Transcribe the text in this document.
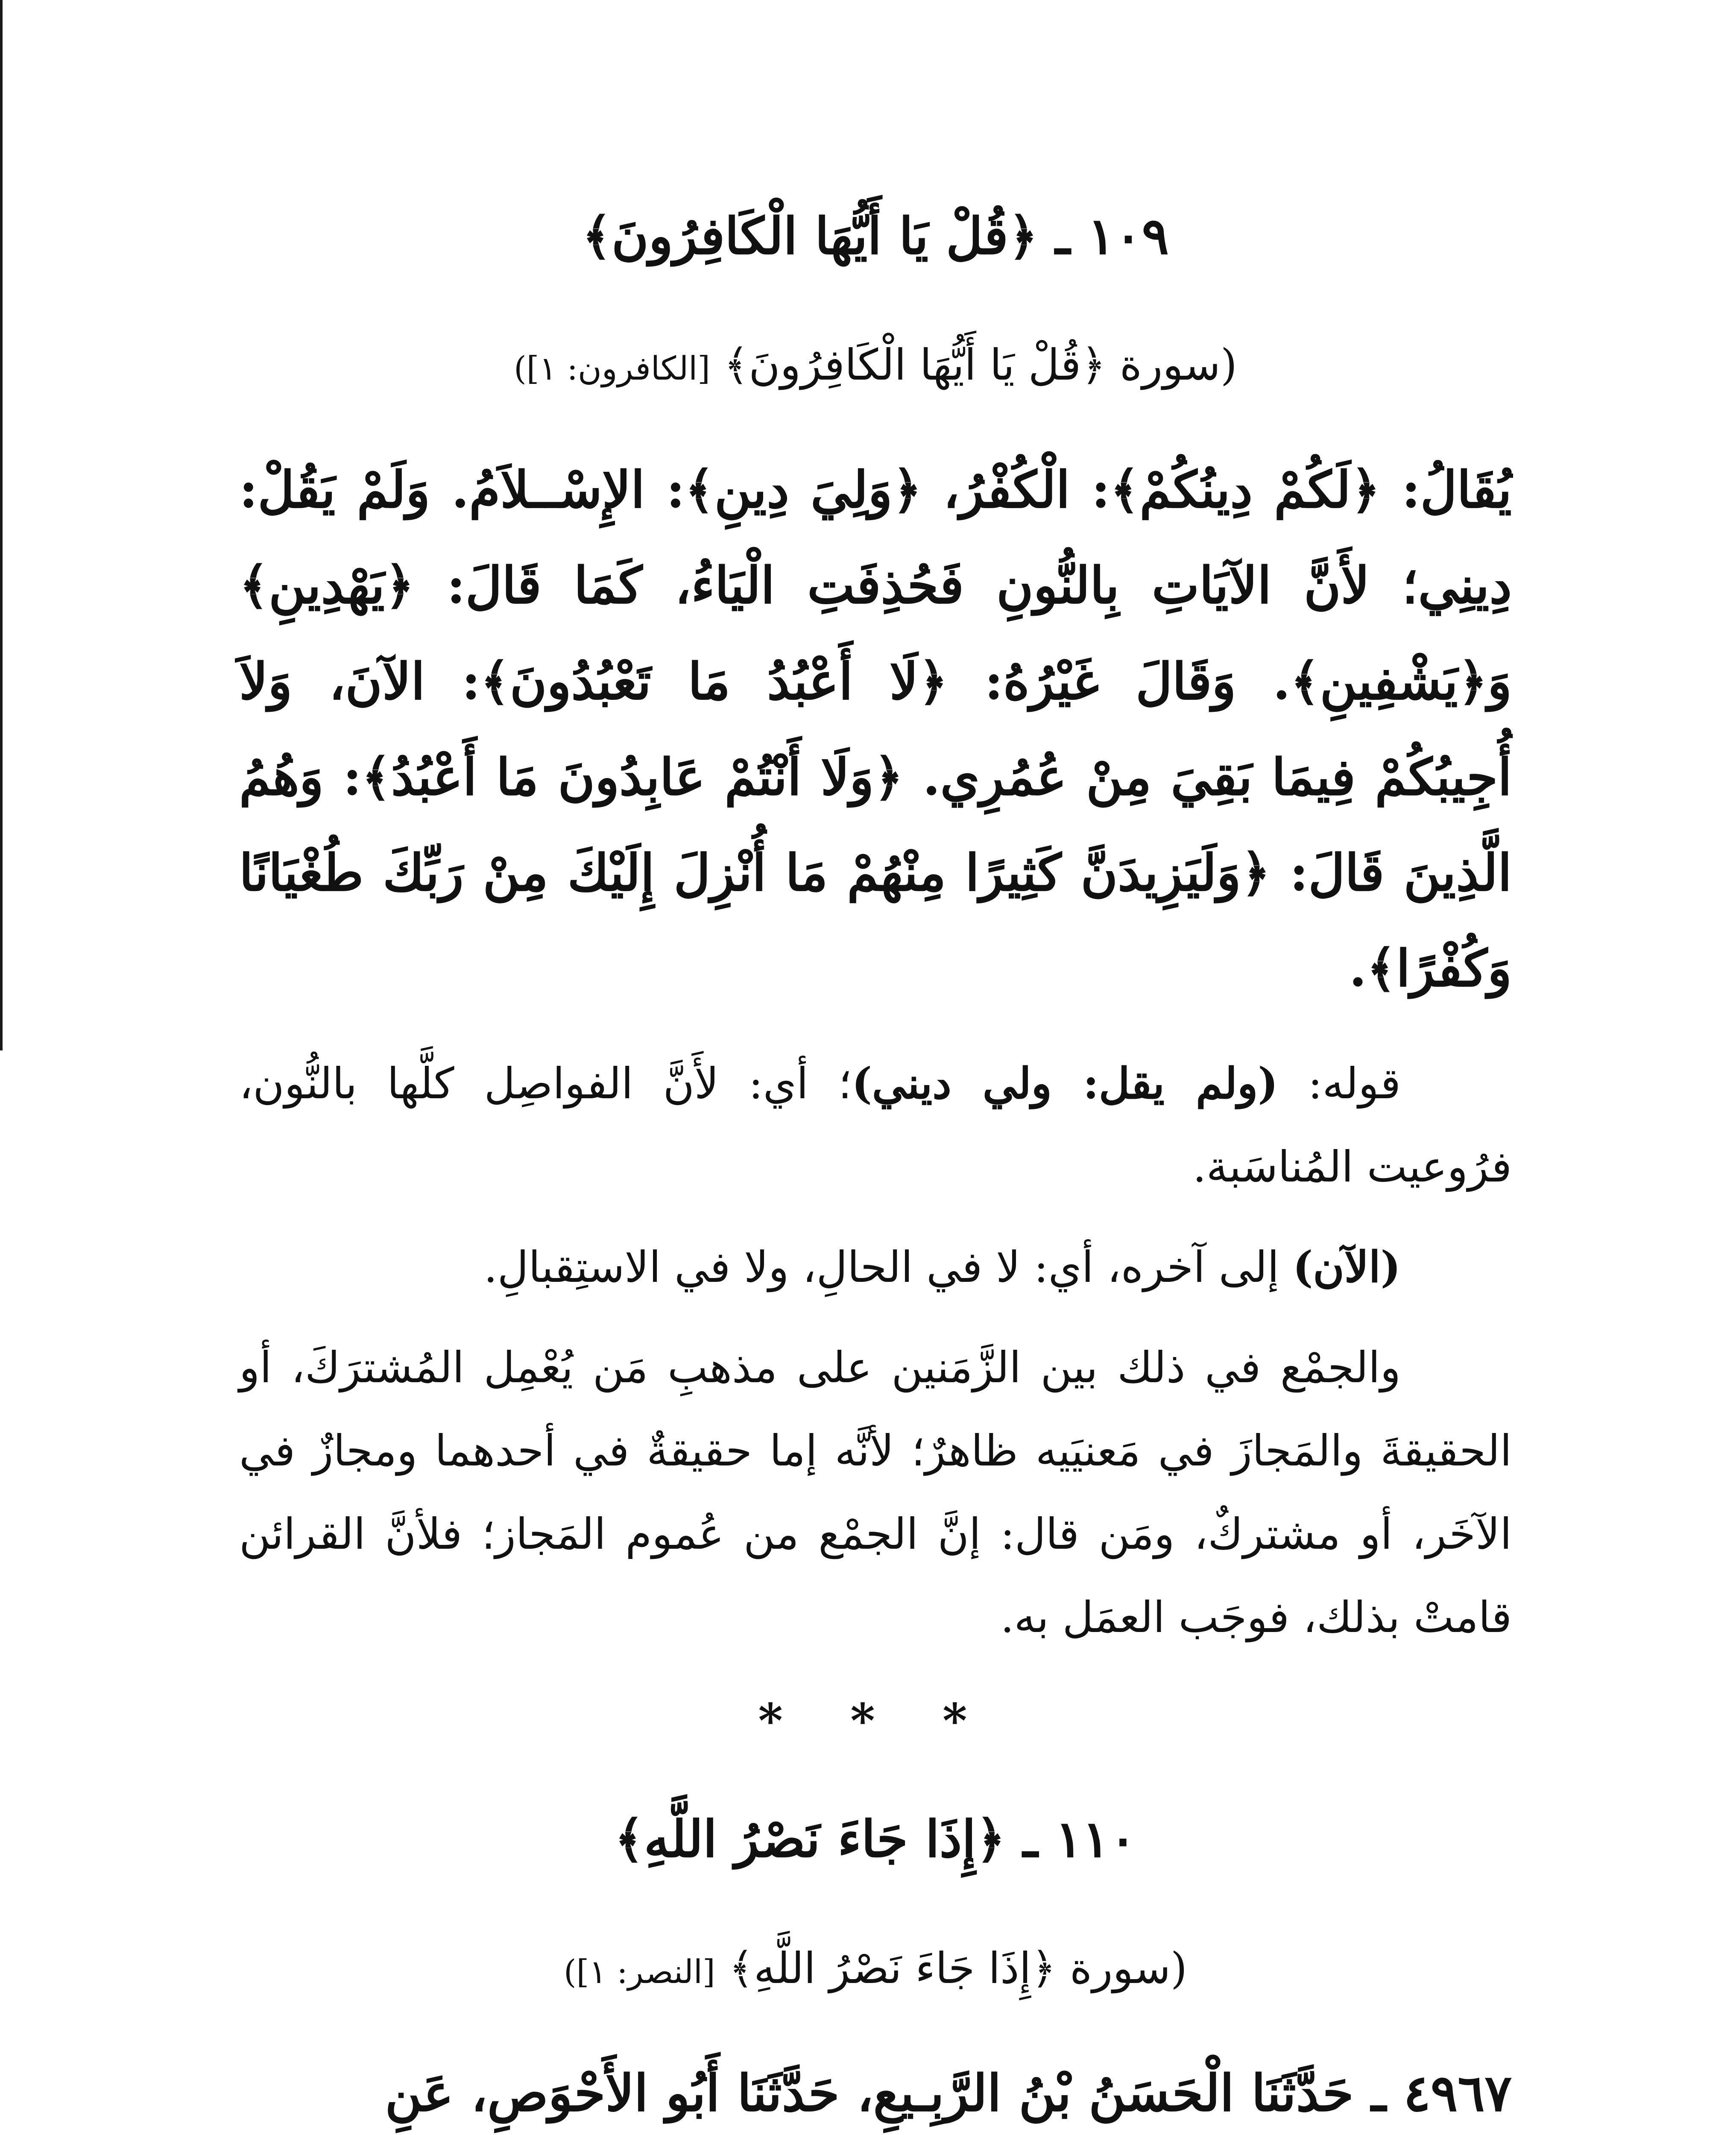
١٠٩ ـ ﴿قُلْ يَا أَيُّهَا الْكَافِرُونَ﴾
(سورة ﴿قُلْ يَا أَيُّهَا الْكَافِرُونَ﴾ [الكافرون: ١])

يُقَالُ: ﴿لَكُمْ دِينُكُمْ﴾: الْكُفْرُ، ﴿وَلِيَ دِينِ﴾: الإِسْــلاَمُ. وَلَمْ يَقُلْ: دِينِي؛ لأَنَّ الآيَاتِ بِالنُّونِ فَحُذِفَتِ الْيَاءُ، كَمَا قَالَ: ﴿يَهْدِينِ﴾ وَ﴿يَشْفِينِ﴾. وَقَالَ غَيْرُهُ: ﴿لَا أَعْبُدُ مَا تَعْبُدُونَ﴾: الآنَ، وَلاَ أُجِيبُكُمْ فِيمَا بَقِيَ مِنْ عُمُرِي. ﴿وَلَا أَنْتُمْ عَابِدُونَ مَا أَعْبُدُ﴾: وَهُمُ الَّذِينَ قَالَ: ﴿وَلَيَزِيدَنَّ كَثِيرًا مِنْهُمْ مَا أُنْزِلَ إِلَيْكَ مِنْ رَبِّكَ طُغْيَانًا وَكُفْرًا﴾.

قوله: (ولم يقل: ولي ديني)؛ أي: لأَنَّ الفواصِل كلَّها بالنُّون، فرُوعيت المُناسَبة.

(الآن) إلى آخره، أي: لا في الحالِ، ولا في الاستِقبالِ.

والجمْع في ذلك بين الزَّمَنين على مذهبِ مَن يُعْمِل المُشترَكَ، أو الحقيقةَ والمَجازَ في مَعنيَيه ظاهرٌ؛ لأنَّه إما حقيقةٌ في أحدهما ومجازٌ في الآخَر، أو مشتركٌ، ومَن قال: إنَّ الجمْع من عُموم المَجاز؛ فلأنَّ القرائن قامتْ بذلك، فوجَب العمَل به.

* * *
١١٠ ـ ﴿إِذَا جَاءَ نَصْرُ اللَّهِ﴾
(سورة ﴿إِذَا جَاءَ نَصْرُ اللَّهِ﴾ [النصر: ١])

٤٩٦٧ ـ حَدَّثَنَا الْحَسَنُ بْنُ الرَّبِـيعِ، حَدَّثَنَا أَبُو الأَحْوَصِ، عَنِ
